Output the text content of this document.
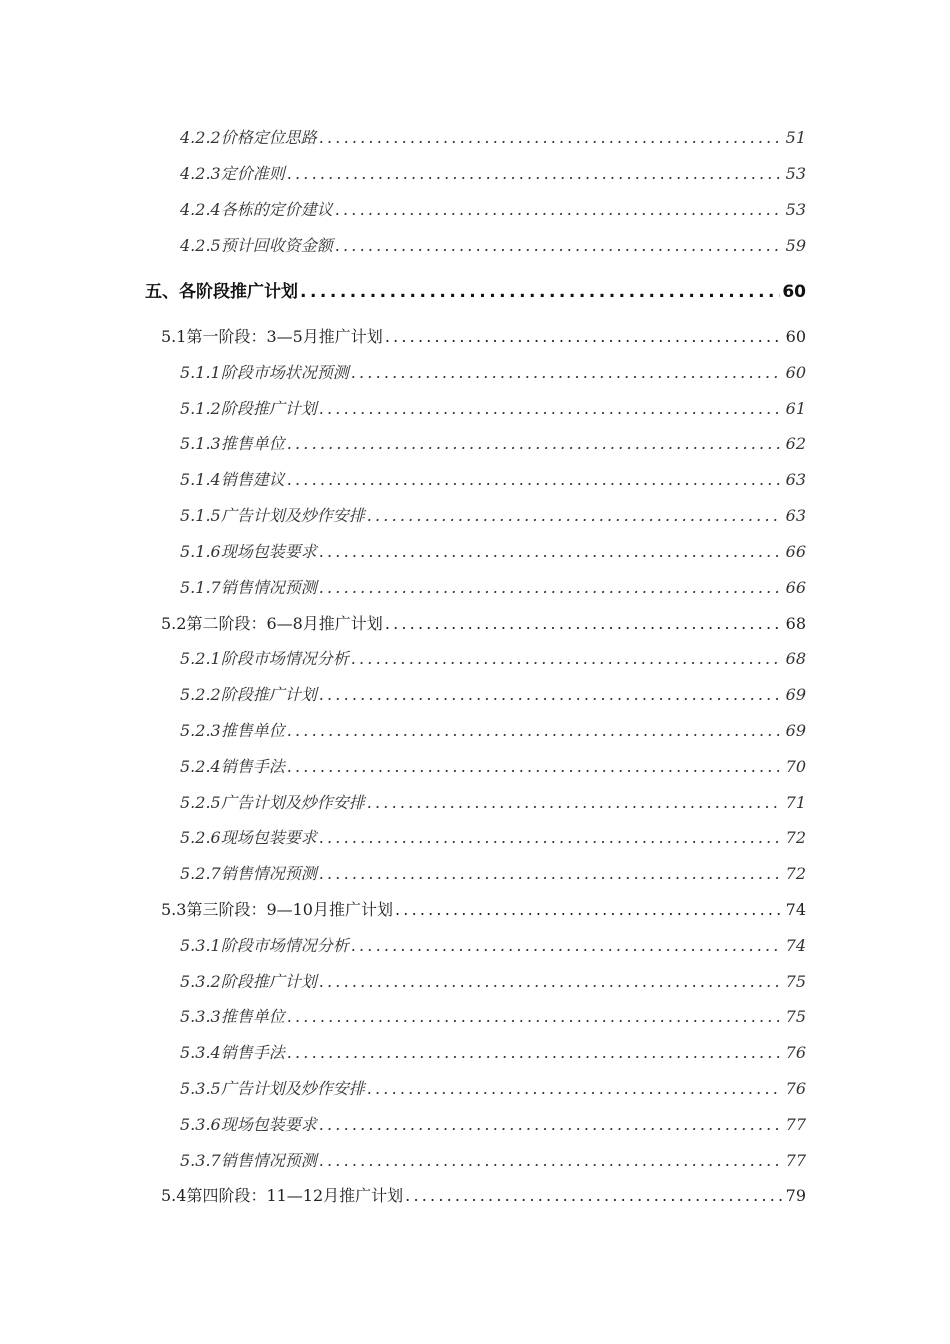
4.2.2价格定位思路 .....	51
4.2.3定价准则 .....	53
4.2.4各栋的定价建议 .....	53
4.2.5预计回收资金额 .....	59
五、各阶段推广计划 .....	60
5.1第一阶段：3—5月推广计划 .....	60
5.1.1阶段市场状况预测 .....	60
5.1.2阶段推广计划 .....	61
5.1.3推售单位 .....	62
5.1.4销售建议 .....	63
5.1.5广告计划及炒作安排 .....	63
5.1.6现场包装要求 .....	66
5.1.7销售情况预测 .....	66
5.2第二阶段：6—8月推广计划 .....	68
5.2.1阶段市场情况分析 .....	68
5.2.2阶段推广计划 .....	69
5.2.3推售单位 .....	69
5.2.4销售手法 .....	70
5.2.5广告计划及炒作安排 .....	71
5.2.6现场包装要求 .....	72
5.2.7销售情况预测 .....	72
5.3第三阶段：9—10月推广计划 .....	74
5.3.1阶段市场情况分析 .....	74
5.3.2阶段推广计划 .....	75
5.3.3推售单位 .....	75
5.3.4销售手法 .....	76
5.3.5广告计划及炒作安排 .....	76
5.3.6现场包装要求 .....	77
5.3.7销售情况预测 .....	77
5.4第四阶段：11—12月推广计划 .....	79
